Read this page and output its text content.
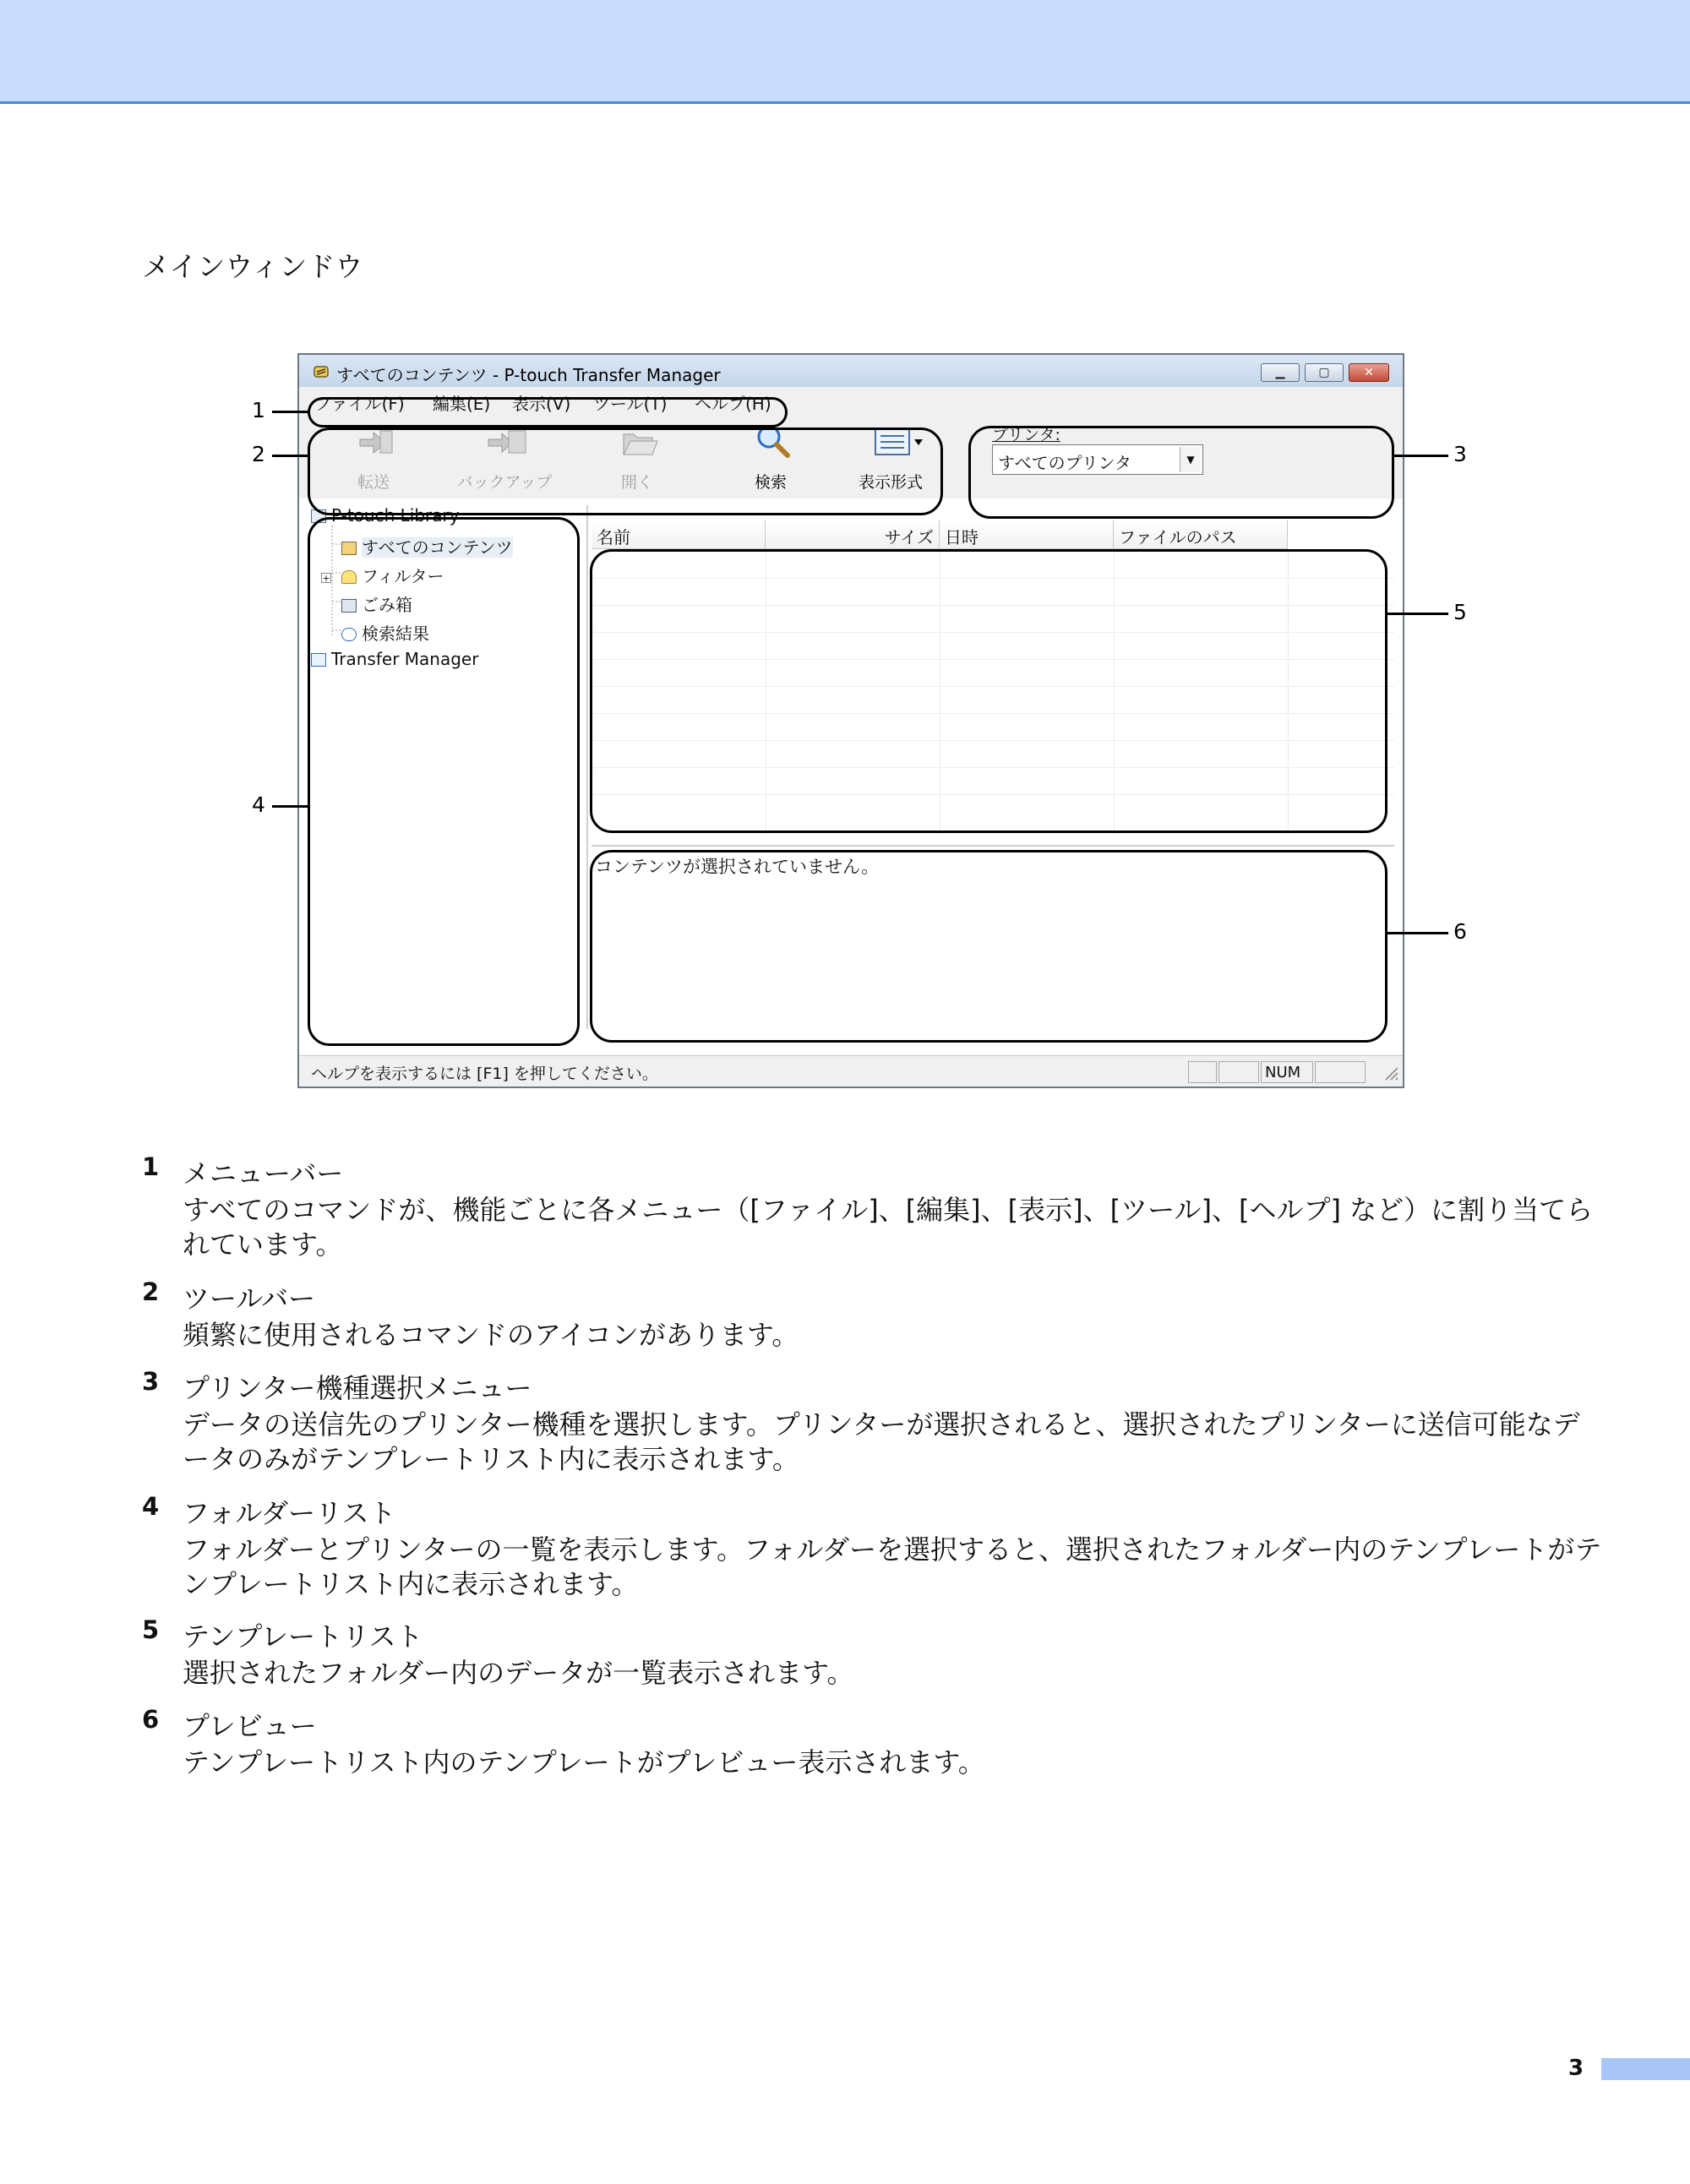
メインウィンドウ
すべてのコンテンツ - P-touch Transfer Manager	▁	▢	✕
ファイル(F) 編集(E) 表示(V) ツール(T) ヘルプ(H)
転送	バックアップ	開く	検索	表示形式
プリンタ:
すべてのプリンタ	▼
P-touch Library
すべてのコンテンツ
+	フィルター
ごみ箱
検索結果
Transfer Manager
名前	サイズ 日時	ファイルのパス
コンテンツが選択されていません。
ヘルプを表示するには [F1] を押してください。	NUM
1
2	3
4
5
6
1 メニューバー
すべてのコマンドが、機能ごとに各メニュー（[ファイル]、[編集]、[表示]、[ツール]、[ヘルプ] など）に割り当てられています。
2 ツールバー
頻繁に使用されるコマンドのアイコンがあります。
3 プリンター機種選択メニュー
データの送信先のプリンター機種を選択します。プリンターが選択されると、選択されたプリンターに送信可能なデータのみがテンプレートリスト内に表示されます。
4 フォルダーリスト
フォルダーとプリンターの一覧を表示します。フォルダーを選択すると、選択されたフォルダー内のテンプレートがテンプレートリスト内に表示されます。
5 テンプレートリスト
選択されたフォルダー内のデータが一覧表示されます。
6 プレビュー
テンプレートリスト内のテンプレートがプレビュー表示されます。
3
